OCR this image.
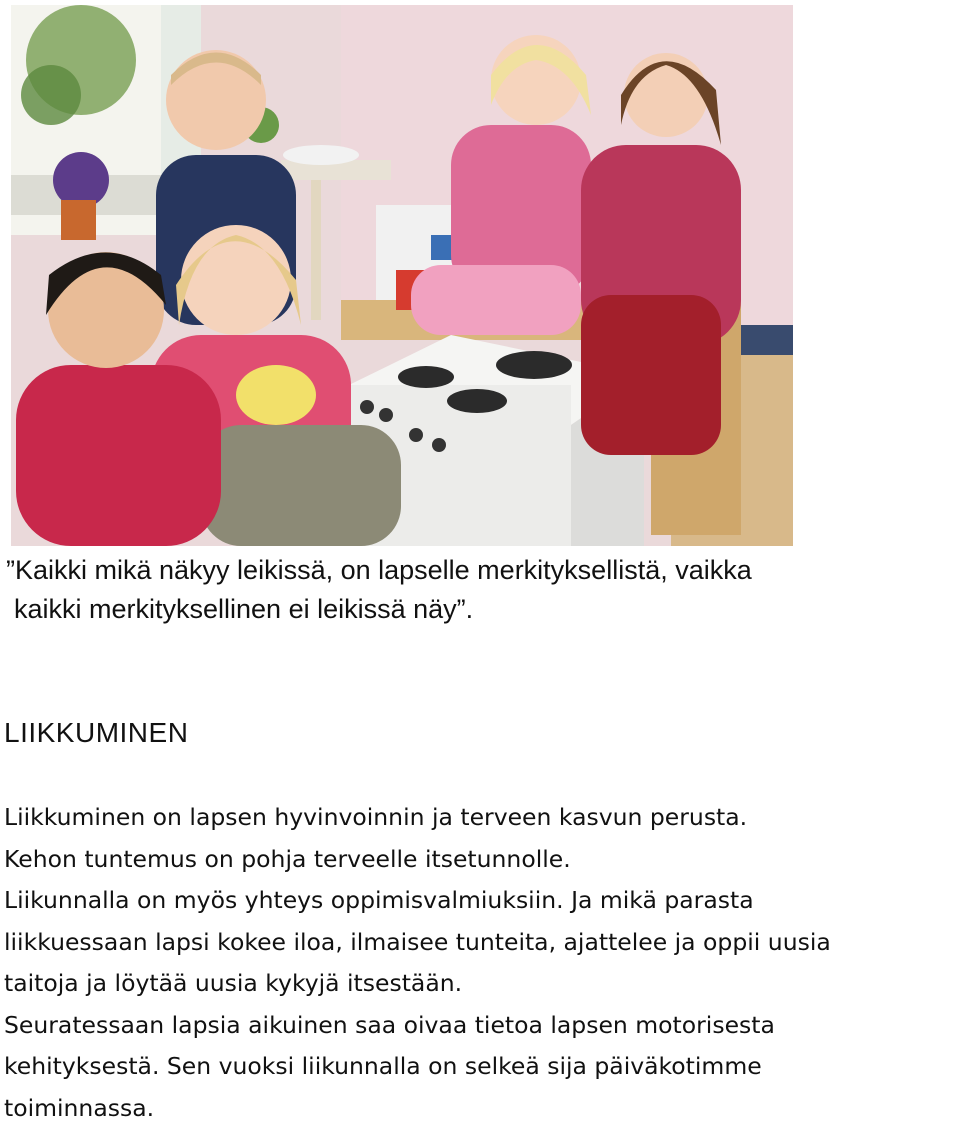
”Kaikki mikä näkyy leikissä, on lapselle merkityksellistä, vaikka
kaikki merkityksellinen ei leikissä näy”.
LIIKKUMINEN
Liikkuminen on lapsen hyvinvoinnin ja terveen kasvun perusta.
Kehon tuntemus on pohja terveelle itsetunnolle.
Liikunnalla on myös yhteys oppimisvalmiuksiin. Ja mikä parasta
liikkuessaan lapsi kokee iloa, ilmaisee tunteita, ajattelee ja oppii uusia
taitoja ja löytää uusia kykyjä itsestään.
Seuratessaan lapsia aikuinen saa oivaa tietoa lapsen motorisesta
kehityksestä. Sen vuoksi liikunnalla on selkeä sija päiväkotimme
toiminnassa.
